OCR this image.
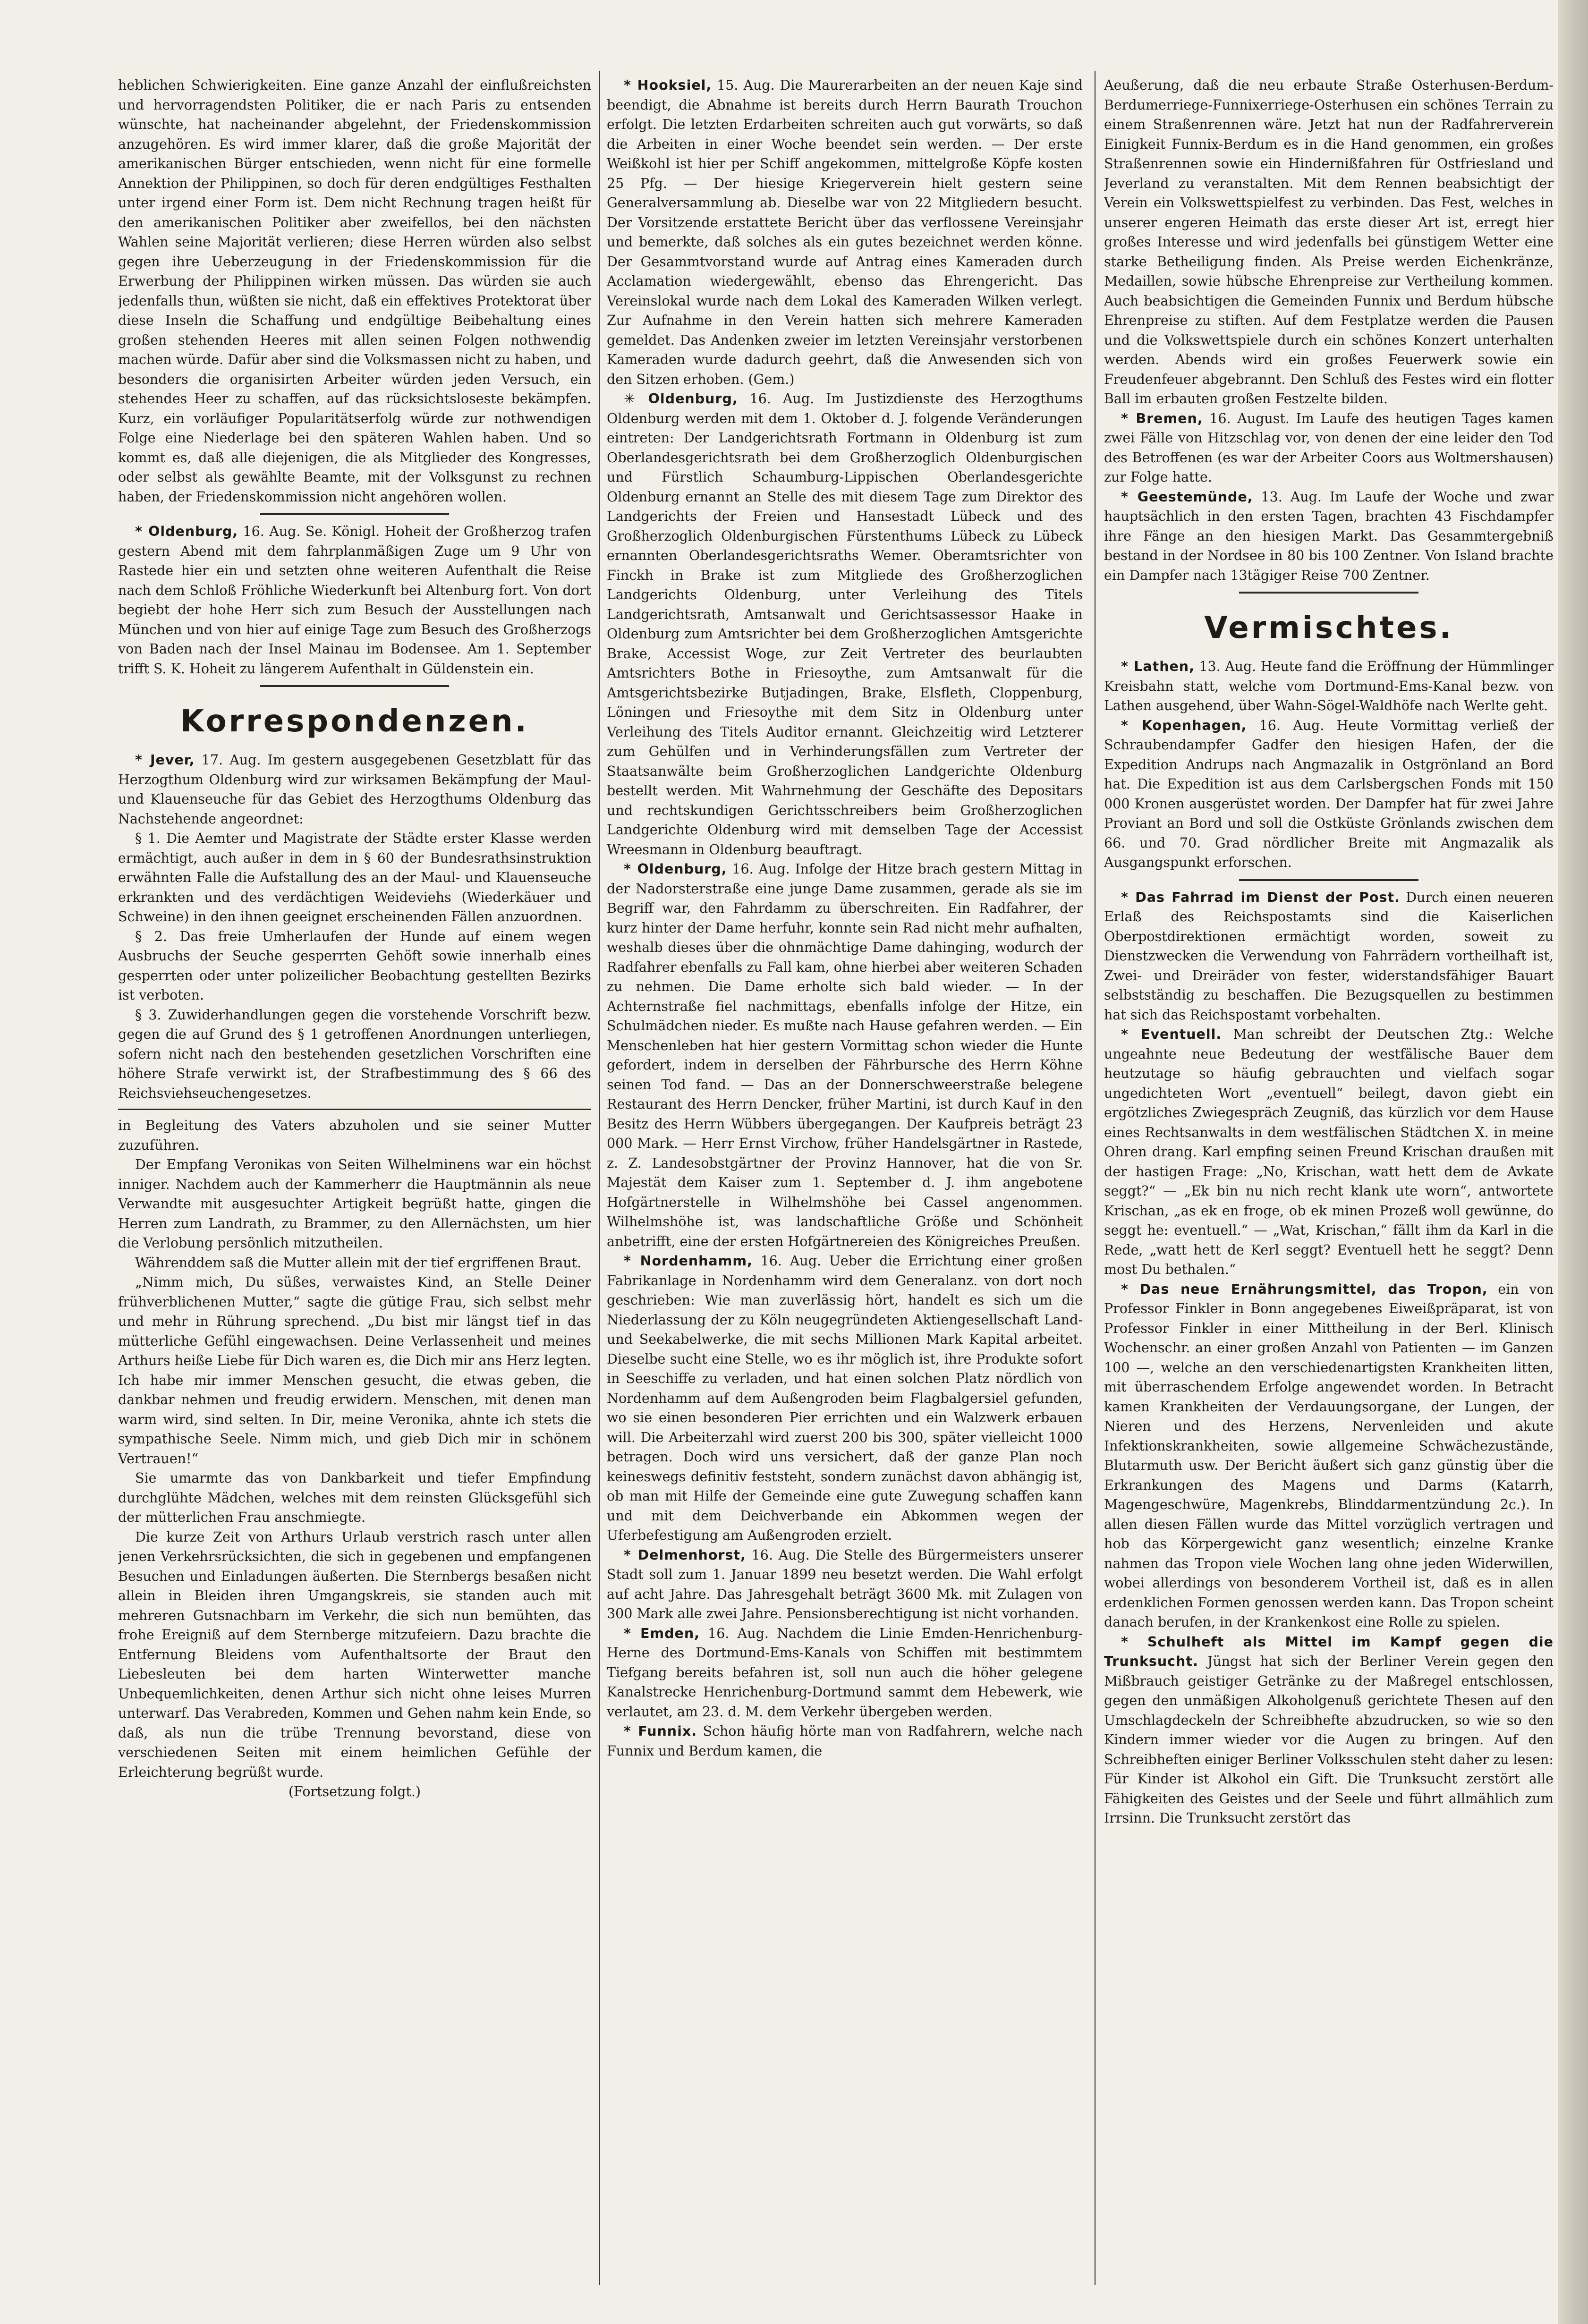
heblichen Schwierigkeiten. Eine ganze Anzahl der einflußreichsten und hervorragendsten Politiker, die er nach Paris zu entsenden wünschte, hat nacheinander abgelehnt, der Friedenskommission anzugehören. Es wird immer klarer, daß die große Majorität der amerikanischen Bürger entschieden, wenn nicht für eine formelle Annektion der Philippinen, so doch für deren endgültiges Festhalten unter irgend einer Form ist. Dem nicht Rechnung tragen heißt für den amerikanischen Politiker aber zweifellos, bei den nächsten Wahlen seine Majorität verlieren; diese Herren würden also selbst gegen ihre Ueberzeugung in der Friedenskommission für die Erwerbung der Philippinen wirken müssen. Das würden sie auch jedenfalls thun, wüßten sie nicht, daß ein effektives Protektorat über diese Inseln die Schaffung und endgültige Beibehaltung eines großen stehenden Heeres mit allen seinen Folgen nothwendig machen würde. Dafür aber sind die Volksmassen nicht zu haben, und besonders die organisirten Arbeiter würden jeden Versuch, ein stehendes Heer zu schaffen, auf das rücksichtsloseste bekämpfen. Kurz, ein vorläufiger Popularitätserfolg würde zur nothwendigen Folge eine Niederlage bei den späteren Wahlen haben. Und so kommt es, daß alle diejenigen, die als Mitglieder des Kongresses, oder selbst als gewählte Beamte, mit der Volksgunst zu rechnen haben, der Friedenskommission nicht angehören wollen.

* Oldenburg, 16. Aug. Se. Königl. Hoheit der Großherzog trafen gestern Abend mit dem fahrplanmäßigen Zuge um 9 Uhr von Rastede hier ein und setzten ohne weiteren Aufenthalt die Reise nach dem Schloß Fröhliche Wiederkunft bei Altenburg fort. Von dort begiebt der hohe Herr sich zum Besuch der Ausstellungen nach München und von hier auf einige Tage zum Besuch des Großherzogs von Baden nach der Insel Mainau im Bodensee. Am 1. September trifft S. K. Hoheit zu längerem Aufenthalt in Güldenstein ein.

Korrespondenzen.

* Jever, 17. Aug. Im gestern ausgegebenen Gesetzblatt für das Herzogthum Oldenburg wird zur wirksamen Bekämpfung der Maul- und Klauenseuche für das Gebiet des Herzogthums Oldenburg das Nachstehende angeordnet:

§ 1. Die Aemter und Magistrate der Städte erster Klasse werden ermächtigt, auch außer in dem in § 60 der Bundesrathsinstruktion erwähnten Falle die Aufstallung des an der Maul- und Klauenseuche erkrankten und des verdächtigen Weideviehs (Wiederkäuer und Schweine) in den ihnen geeignet erscheinenden Fällen anzuordnen.

§ 2. Das freie Umherlaufen der Hunde auf einem wegen Ausbruchs der Seuche gesperrten Gehöft sowie innerhalb eines gesperrten oder unter polizeilicher Beobachtung gestellten Bezirks ist verboten.

§ 3. Zuwiderhandlungen gegen die vorstehende Vorschrift bezw. gegen die auf Grund des § 1 getroffenen Anordnungen unterliegen, sofern nicht nach den bestehenden gesetzlichen Vorschriften eine höhere Strafe verwirkt ist, der Strafbestimmung des § 66 des Reichsviehseuchengesetzes.

in Begleitung des Vaters abzuholen und sie seiner Mutter zuzuführen.

Der Empfang Veronikas von Seiten Wilhelminens war ein höchst inniger. Nachdem auch der Kammerherr die Hauptmännin als neue Verwandte mit ausgesuchter Artigkeit begrüßt hatte, gingen die Herren zum Landrath, zu Brammer, zu den Allernächsten, um hier die Verlobung persönlich mitzutheilen.

Währenddem saß die Mutter allein mit der tief ergriffenen Braut.

„Nimm mich, Du süßes, verwaistes Kind, an Stelle Deiner frühverblichenen Mutter,“ sagte die gütige Frau, sich selbst mehr und mehr in Rührung sprechend. „Du bist mir längst tief in das mütterliche Gefühl eingewachsen. Deine Verlassenheit und meines Arthurs heiße Liebe für Dich waren es, die Dich mir ans Herz legten. Ich habe mir immer Menschen gesucht, die etwas geben, die dankbar nehmen und freudig erwidern. Menschen, mit denen man warm wird, sind selten. In Dir, meine Veronika, ahnte ich stets die sympathische Seele. Nimm mich, und gieb Dich mir in schönem Vertrauen!“

Sie umarmte das von Dankbarkeit und tiefer Empfindung durchglühte Mädchen, welches mit dem reinsten Glücksgefühl sich der mütterlichen Frau anschmiegte.

Die kurze Zeit von Arthurs Urlaub verstrich rasch unter allen jenen Verkehrsrücksichten, die sich in gegebenen und empfangenen Besuchen und Einladungen äußerten. Die Sternbergs besaßen nicht allein in Bleiden ihren Umgangskreis, sie standen auch mit mehreren Gutsnachbarn im Verkehr, die sich nun bemühten, das frohe Ereigniß auf dem Sternberge mitzufeiern. Dazu brachte die Entfernung Bleidens vom Aufenthaltsorte der Braut den Liebesleuten bei dem harten Winterwetter manche Unbequemlichkeiten, denen Arthur sich nicht ohne leises Murren unterwarf. Das Verabreden, Kommen und Gehen nahm kein Ende, so daß, als nun die trübe Trennung bevorstand, diese von verschiedenen Seiten mit einem heimlichen Gefühle der Erleichterung begrüßt wurde.

(Fortsetzung folgt.)

* Hooksiel, 15. Aug. Die Maurerarbeiten an der neuen Kaje sind beendigt, die Abnahme ist bereits durch Herrn Baurath Trouchon erfolgt. Die letzten Erdarbeiten schreiten auch gut vorwärts, so daß die Arbeiten in einer Woche beendet sein werden. — Der erste Weißkohl ist hier per Schiff angekommen, mittelgroße Köpfe kosten 25 Pfg. — Der hiesige Kriegerverein hielt gestern seine Generalversammlung ab. Dieselbe war von 22 Mitgliedern besucht. Der Vorsitzende erstattete Bericht über das verflossene Vereinsjahr und bemerkte, daß solches als ein gutes bezeichnet werden könne. Der Gesammtvorstand wurde auf Antrag eines Kameraden durch Acclamation wiedergewählt, ebenso das Ehrengericht. Das Vereinslokal wurde nach dem Lokal des Kameraden Wilken verlegt. Zur Aufnahme in den Verein hatten sich mehrere Kameraden gemeldet. Das Andenken zweier im letzten Vereinsjahr verstorbenen Kameraden wurde dadurch geehrt, daß die Anwesenden sich von den Sitzen erhoben. (Gem.)

✳ Oldenburg, 16. Aug. Im Justizdienste des Herzogthums Oldenburg werden mit dem 1. Oktober d. J. folgende Veränderungen eintreten: Der Landgerichtsrath Fortmann in Oldenburg ist zum Oberlandesgerichtsrath bei dem Großherzoglich Oldenburgischen und Fürstlich Schaumburg-Lippischen Oberlandesgerichte Oldenburg ernannt an Stelle des mit diesem Tage zum Direktor des Landgerichts der Freien und Hansestadt Lübeck und des Großherzoglich Oldenburgischen Fürstenthums Lübeck zu Lübeck ernannten Oberlandesgerichtsraths Wemer. Oberamtsrichter von Finckh in Brake ist zum Mitgliede des Großherzoglichen Landgerichts Oldenburg, unter Verleihung des Titels Landgerichtsrath, Amtsanwalt und Gerichtsassessor Haake in Oldenburg zum Amtsrichter bei dem Großherzoglichen Amtsgerichte Brake, Accessist Woge, zur Zeit Vertreter des beurlaubten Amtsrichters Bothe in Friesoythe, zum Amtsanwalt für die Amtsgerichtsbezirke Butjadingen, Brake, Elsfleth, Cloppenburg, Löningen und Friesoythe mit dem Sitz in Oldenburg unter Verleihung des Titels Auditor ernannt. Gleichzeitig wird Letzterer zum Gehülfen und in Verhinderungsfällen zum Vertreter der Staatsanwälte beim Großherzoglichen Landgerichte Oldenburg bestellt werden. Mit Wahrnehmung der Geschäfte des Depositars und rechtskundigen Gerichtsschreibers beim Großherzoglichen Landgerichte Oldenburg wird mit demselben Tage der Accessist Wreesmann in Oldenburg beauftragt.

* Oldenburg, 16. Aug. Infolge der Hitze brach gestern Mittag in der Nadorsterstraße eine junge Dame zusammen, gerade als sie im Begriff war, den Fahrdamm zu überschreiten. Ein Radfahrer, der kurz hinter der Dame herfuhr, konnte sein Rad nicht mehr aufhalten, weshalb dieses über die ohnmächtige Dame dahinging, wodurch der Radfahrer ebenfalls zu Fall kam, ohne hierbei aber weiteren Schaden zu nehmen. Die Dame erholte sich bald wieder. — In der Achternstraße fiel nachmittags, ebenfalls infolge der Hitze, ein Schulmädchen nieder. Es mußte nach Hause gefahren werden. — Ein Menschenleben hat hier gestern Vormittag schon wieder die Hunte gefordert, indem in derselben der Fährbursche des Herrn Köhne seinen Tod fand. — Das an der Donnerschweerstraße belegene Restaurant des Herrn Dencker, früher Martini, ist durch Kauf in den Besitz des Herrn Wübbers übergegangen. Der Kaufpreis beträgt 23 000 Mark. — Herr Ernst Virchow, früher Handelsgärtner in Rastede, z. Z. Landesobstgärtner der Provinz Hannover, hat die von Sr. Majestät dem Kaiser zum 1. September d. J. ihm angebotene Hofgärtnerstelle in Wilhelmshöhe bei Cassel angenommen. Wilhelmshöhe ist, was landschaftliche Größe und Schönheit anbetrifft, eine der ersten Hofgärtnereien des Königreiches Preußen.

* Nordenhamm, 16. Aug. Ueber die Errichtung einer großen Fabrikanlage in Nordenhamm wird dem Generalanz. von dort noch geschrieben: Wie man zuverlässig hört, handelt es sich um die Niederlassung der zu Köln neugegründeten Aktiengesellschaft Land- und Seekabelwerke, die mit sechs Millionen Mark Kapital arbeitet. Dieselbe sucht eine Stelle, wo es ihr möglich ist, ihre Produkte sofort in Seeschiffe zu verladen, und hat einen solchen Platz nördlich von Nordenhamm auf dem Außengroden beim Flagbalgersiel gefunden, wo sie einen besonderen Pier errichten und ein Walzwerk erbauen will. Die Arbeiterzahl wird zuerst 200 bis 300, später vielleicht 1000 betragen. Doch wird uns versichert, daß der ganze Plan noch keineswegs definitiv feststeht, sondern zunächst davon abhängig ist, ob man mit Hilfe der Gemeinde eine gute Zuwegung schaffen kann und mit dem Deichverbande ein Abkommen wegen der Uferbefestigung am Außengroden erzielt.

* Delmenhorst, 16. Aug. Die Stelle des Bürgermeisters unserer Stadt soll zum 1. Januar 1899 neu besetzt werden. Die Wahl erfolgt auf acht Jahre. Das Jahresgehalt beträgt 3600 Mk. mit Zulagen von 300 Mark alle zwei Jahre. Pensionsberechtigung ist nicht vorhanden.

* Emden, 16. Aug. Nachdem die Linie Emden-Henrichenburg-Herne des Dortmund-Ems-Kanals von Schiffen mit bestimmtem Tiefgang bereits befahren ist, soll nun auch die höher gelegene Kanalstrecke Henrichenburg-Dortmund sammt dem Hebewerk, wie verlautet, am 23. d. M. dem Verkehr übergeben werden.

* Funnix. Schon häufig hörte man von Radfahrern, welche nach Funnix und Berdum kamen, die

Aeußerung, daß die neu erbaute Straße Osterhusen-Berdum-Berdumerriege-Funnixerriege-Osterhusen ein schönes Terrain zu einem Straßenrennen wäre. Jetzt hat nun der Radfahrerverein Einigkeit Funnix-Berdum es in die Hand genommen, ein großes Straßenrennen sowie ein Hindernißfahren für Ostfriesland und Jeverland zu veranstalten. Mit dem Rennen beabsichtigt der Verein ein Volkswettspielfest zu verbinden. Das Fest, welches in unserer engeren Heimath das erste dieser Art ist, erregt hier großes Interesse und wird jedenfalls bei günstigem Wetter eine starke Betheiligung finden. Als Preise werden Eichenkränze, Medaillen, sowie hübsche Ehrenpreise zur Vertheilung kommen. Auch beabsichtigen die Gemeinden Funnix und Berdum hübsche Ehrenpreise zu stiften. Auf dem Festplatze werden die Pausen und die Volkswettspiele durch ein schönes Konzert unterhalten werden. Abends wird ein großes Feuerwerk sowie ein Freudenfeuer abgebrannt. Den Schluß des Festes wird ein flotter Ball im erbauten großen Festzelte bilden.

* Bremen, 16. August. Im Laufe des heutigen Tages kamen zwei Fälle von Hitzschlag vor, von denen der eine leider den Tod des Betroffenen (es war der Arbeiter Coors aus Woltmershausen) zur Folge hatte.

* Geestemünde, 13. Aug. Im Laufe der Woche und zwar hauptsächlich in den ersten Tagen, brachten 43 Fischdampfer ihre Fänge an den hiesigen Markt. Das Gesammtergebniß bestand in der Nordsee in 80 bis 100 Zentner. Von Island brachte ein Dampfer nach 13tägiger Reise 700 Zentner.

Vermischtes.

* Lathen, 13. Aug. Heute fand die Eröffnung der Hümmlinger Kreisbahn statt, welche vom Dortmund-Ems-Kanal bezw. von Lathen ausgehend, über Wahn-Sögel-Waldhöfe nach Werlte geht.

* Kopenhagen, 16. Aug. Heute Vormittag verließ der Schraubendampfer Gadfer den hiesigen Hafen, der die Expedition Andrups nach Angmazalik in Ostgrönland an Bord hat. Die Expedition ist aus dem Carlsbergschen Fonds mit 150 000 Kronen ausgerüstet worden. Der Dampfer hat für zwei Jahre Proviant an Bord und soll die Ostküste Grönlands zwischen dem 66. und 70. Grad nördlicher Breite mit Angmazalik als Ausgangspunkt erforschen.

* Das Fahrrad im Dienst der Post. Durch einen neueren Erlaß des Reichspostamts sind die Kaiserlichen Oberpostdirektionen ermächtigt worden, soweit zu Dienstzwecken die Verwendung von Fahrrädern vortheilhaft ist, Zwei- und Dreiräder von fester, widerstandsfähiger Bauart selbstständig zu beschaffen. Die Bezugsquellen zu bestimmen hat sich das Reichspostamt vorbehalten.

* Eventuell. Man schreibt der Deutschen Ztg.: Welche ungeahnte neue Bedeutung der westfälische Bauer dem heutzutage so häufig gebrauchten und vielfach sogar ungedichteten Wort „eventuell“ beilegt, davon giebt ein ergötzliches Zwiegespräch Zeugniß, das kürzlich vor dem Hause eines Rechtsanwalts in dem westfälischen Städtchen X. in meine Ohren drang. Karl empfing seinen Freund Krischan draußen mit der hastigen Frage: „No, Krischan, watt hett dem de Avkate seggt?“ — „Ek bin nu nich recht klank ute worn“, antwortete Krischan, „as ek en froge, ob ek minen Prozeß woll gewünne, do seggt he: eventuell.“ — „Wat, Krischan,“ fällt ihm da Karl in die Rede, „watt hett de Kerl seggt? Eventuell hett he seggt? Denn most Du bethalen.“

* Das neue Ernährungsmittel, das Tropon, ein von Professor Finkler in Bonn angegebenes Eiweißpräparat, ist von Professor Finkler in einer Mittheilung in der Berl. Klinisch Wochenschr. an einer großen Anzahl von Patienten — im Ganzen 100 —, welche an den verschiedenartigsten Krankheiten litten, mit überraschendem Erfolge angewendet worden. In Betracht kamen Krankheiten der Verdauungsorgane, der Lungen, der Nieren und des Herzens, Nervenleiden und akute Infektionskrankheiten, sowie allgemeine Schwächezustände, Blutarmuth usw. Der Bericht äußert sich ganz günstig über die Erkrankungen des Magens und Darms (Katarrh, Magengeschwüre, Magenkrebs, Blinddarmentzündung 2c.). In allen diesen Fällen wurde das Mittel vorzüglich vertragen und hob das Körpergewicht ganz wesentlich; einzelne Kranke nahmen das Tropon viele Wochen lang ohne jeden Widerwillen, wobei allerdings von besonderem Vortheil ist, daß es in allen erdenklichen Formen genossen werden kann. Das Tropon scheint danach berufen, in der Krankenkost eine Rolle zu spielen.

* Schulheft als Mittel im Kampf gegen die Trunksucht. Jüngst hat sich der Berliner Verein gegen den Mißbrauch geistiger Getränke zu der Maßregel entschlossen, gegen den unmäßigen Alkoholgenuß gerichtete Thesen auf den Umschlagdeckeln der Schreibhefte abzudrucken, so wie so den Kindern immer wieder vor die Augen zu bringen. Auf den Schreibheften einiger Berliner Volksschulen steht daher zu lesen: Für Kinder ist Alkohol ein Gift. Die Trunksucht zerstört alle Fähigkeiten des Geistes und der Seele und führt allmählich zum Irrsinn. Die Trunksucht zerstört das
